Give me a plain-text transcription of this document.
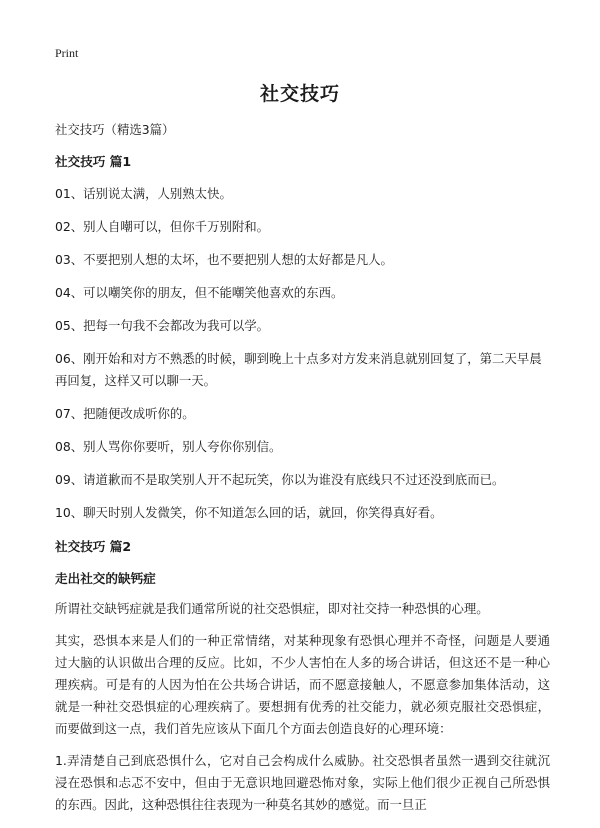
Print
社交技巧

社交技巧（精选3篇）

社交技巧 篇1

01、话别说太满，人别熟太快。

02、别人自嘲可以，但你千万别附和。

03、不要把别人想的太坏，也不要把别人想的太好都是凡人。

04、可以嘲笑你的朋友，但不能嘲笑他喜欢的东西。

05、把每一句我不会都改为我可以学。

06、刚开始和对方不熟悉的时候，聊到晚上十点多对方发来消息就别回复了，第二天早晨再回复，这样又可以聊一天。

07、把随便改成听你的。

08、别人骂你你要听，别人夸你你别信。

09、请道歉而不是取笑别人开不起玩笑，你以为谁没有底线只不过还没到底而已。

10、聊天时别人发微笑，你不知道怎么回的话，就回，你笑得真好看。

社交技巧 篇2

走出社交的缺钙症

所谓社交缺钙症就是我们通常所说的社交恐惧症，即对社交持一种恐惧的心理。

其实，恐惧本来是人们的一种正常情绪，对某种现象有恐惧心理并不奇怪，问题是人要通过大脑的认识做出合理的反应。比如，不少人害怕在人多的场合讲话，但这还不是一种心理疾病。可是有的人因为怕在公共场合讲话，而不愿意接触人，不愿意参加集体活动，这就是一种社交恐惧症的心理疾病了。要想拥有优秀的社交能力，就必须克服社交恐惧症，而要做到这一点，我们首先应该从下面几个方面去创造良好的心理环境：

1.弄清楚自己到底恐惧什么，它对自己会构成什么威胁。社交恐惧者虽然一遇到交往就沉浸在恐惧和忐忑不安中，但由于无意识地回避恐怖对象，实际上他们很少正视自己所恐惧的东西。因此，这种恐惧往往表现为一种莫名其妙的感觉。而一旦正
